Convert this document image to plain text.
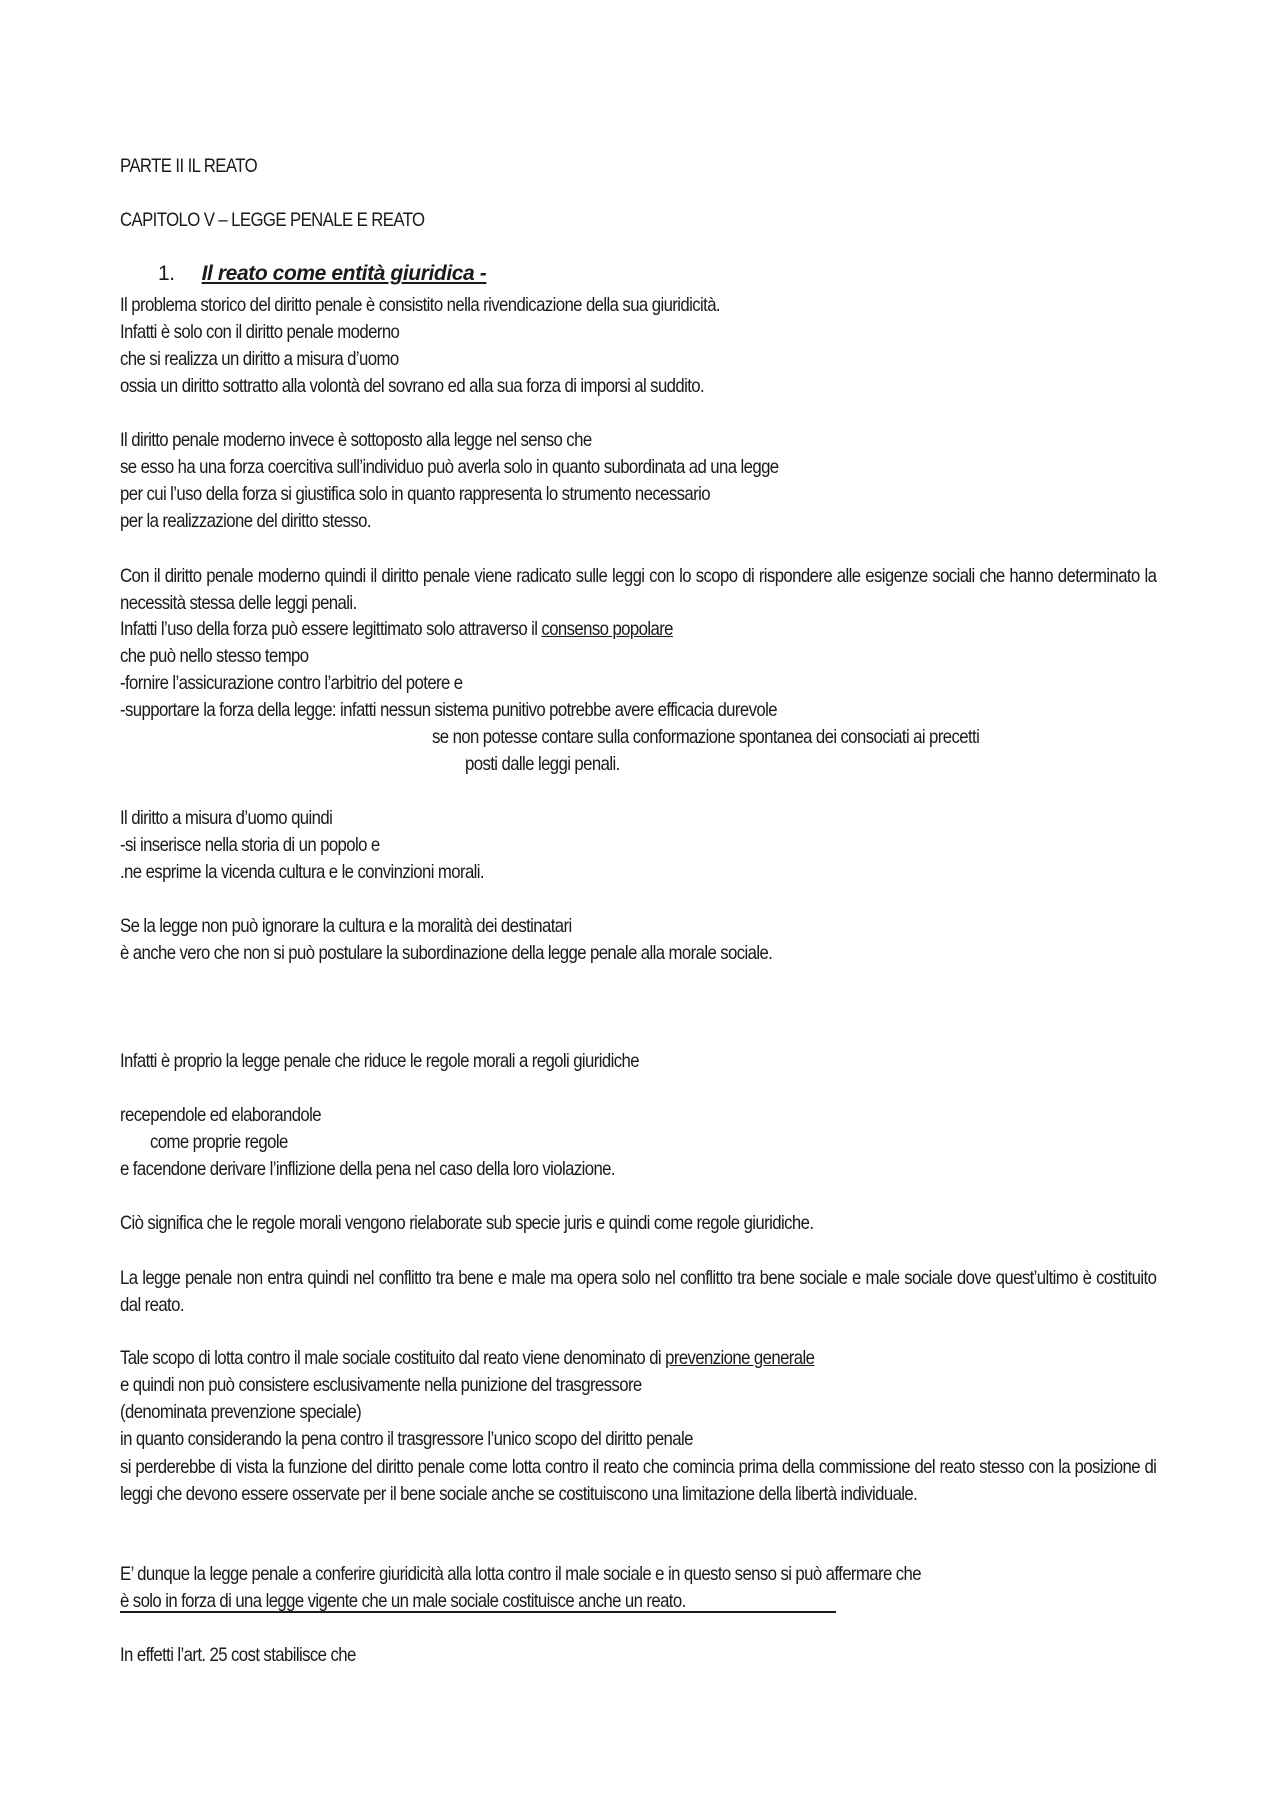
PARTE II IL REATO
CAPITOLO V – LEGGE PENALE E REATO
1. Il reato come entità giuridica -
Il problema storico del diritto penale è consistito nella rivendicazione della sua giuridicità.
Infatti è solo con il diritto penale moderno
che si realizza un diritto a misura d’uomo
ossia un diritto sottratto alla volontà del sovrano ed alla sua forza di imporsi al suddito.
Il diritto penale moderno invece è sottoposto alla legge nel senso che
se esso ha una forza coercitiva sull’individuo può averla solo in quanto subordinata ad una legge
per cui l’uso della forza si giustifica solo in quanto rappresenta lo strumento necessario
per la realizzazione del diritto stesso.
Con il diritto penale moderno quindi il diritto penale viene radicato sulle leggi con lo scopo di rispondere alle esigenze sociali che hanno determinato la necessità stessa delle leggi penali.
Infatti l’uso della forza può essere legittimato solo attraverso il consenso popolare
che può nello stesso tempo
-fornire l’assicurazione contro l’arbitrio del potere e
-supportare la forza della legge: infatti nessun sistema punitivo potrebbe avere efficacia durevole
se non potesse contare sulla conformazione spontanea dei consociati ai precetti
posti dalle leggi penali.
Il diritto a misura d’uomo quindi
-si inserisce nella storia di un popolo e
.ne esprime la vicenda cultura e le convinzioni morali.
Se la legge non può ignorare la cultura e la moralità dei destinatari
è anche vero che non si può postulare la subordinazione della legge penale alla morale sociale.
Infatti è proprio la legge penale che riduce le regole morali a regoli giuridiche
recependole ed elaborandole
come proprie regole
e facendone derivare l’inflizione della pena nel caso della loro violazione.
Ciò significa che le regole morali vengono rielaborate sub specie juris e quindi come regole giuridiche.
La legge penale non entra quindi nel conflitto tra bene e male ma opera solo nel conflitto tra bene sociale e male sociale dove quest’ultimo è costituito dal reato.
Tale scopo di lotta contro il male sociale costituito dal reato viene denominato di prevenzione generale
e quindi non può consistere esclusivamente nella punizione del trasgressore
(denominata prevenzione speciale)
in quanto considerando la pena contro il trasgressore l’unico scopo del diritto penale
si perderebbe di vista la funzione del diritto penale come lotta contro il reato che comincia prima della commissione del reato stesso con la posizione di leggi che devono essere osservate per il bene sociale anche se costituiscono una limitazione della libertà individuale.
E’ dunque la legge penale a conferire giuridicità alla lotta contro il male sociale e in questo senso si può affermare che
è solo in forza di una legge vigente che un male sociale costituisce anche un reato.
In effetti l’art. 25 cost stabilisce che
